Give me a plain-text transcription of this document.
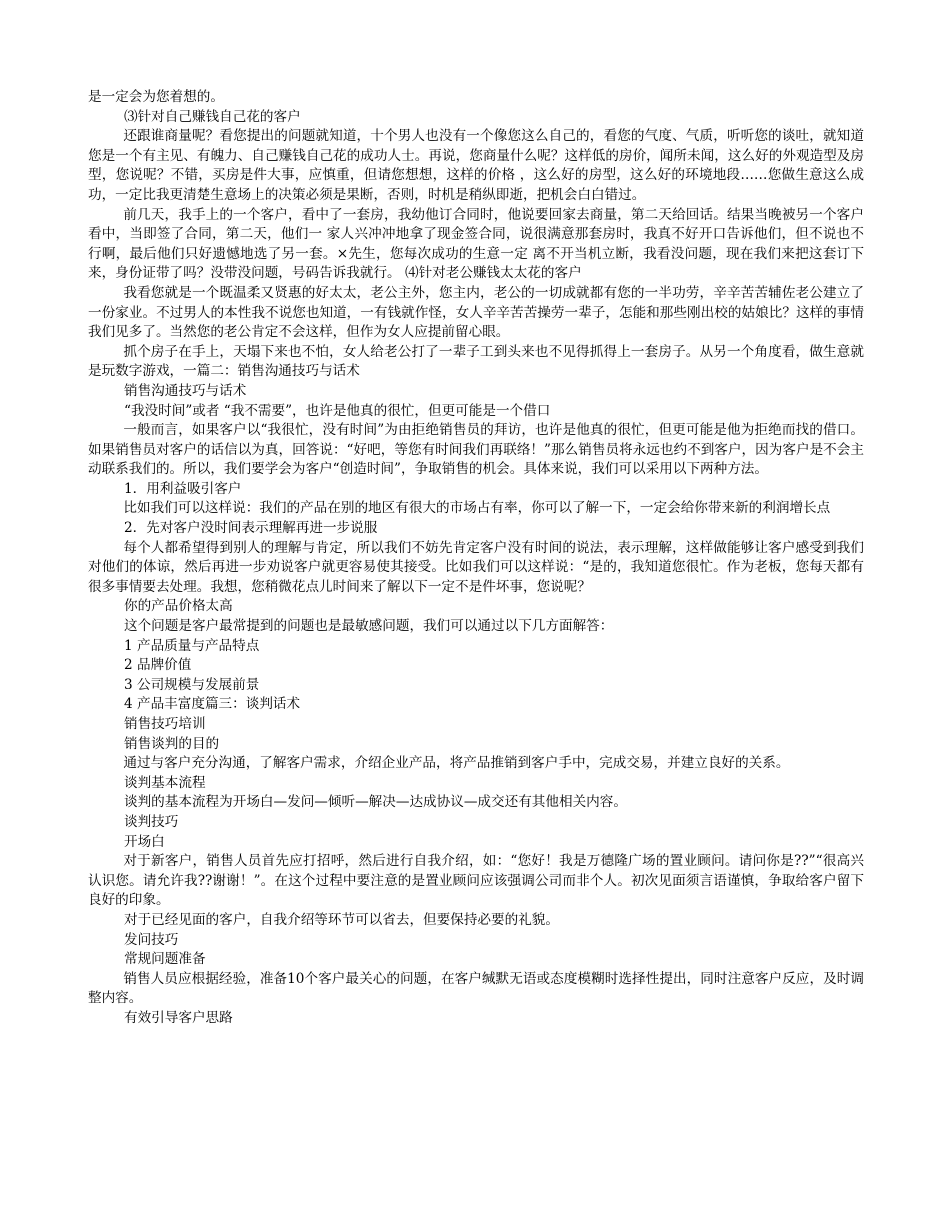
是一定会为您着想的。

⑶针对自己赚钱自己花的客户

还跟谁商量呢？看您提出的问题就知道，十个男人也没有一个像您这么自己的，看您的气度、气质，听听您的谈吐，就知道您是一个有主见、有魄力、自己赚钱自己花的成功人士。再说，您商量什么呢？这样低的房价，闻所未闻，这么好的外观造型及房型，您说呢？不错，买房是件大事，应慎重，但请您想想，这样的价格 ，这么好的房型，这么好的环境地段……您做生意这么成功，一定比我更清楚生意场上的决策必须是果断，否则，时机是稍纵即逝，把机会白白错过。

前几天，我手上的一个客户，看中了一套房，我幼他订合同时，他说要回家去商量，第二天给回话。结果当晚被另一个客户看中，当即签了合同，第二天，他们一 家人兴冲冲地拿了现金签合同，说很满意那套房时，我真不好开口告诉他们，但不说也不行啊，最后他们只好遗憾地选了另一套。×先生，您每次成功的生意一定 离不开当机立断，我看没问题，现在我们来把这套订下来，身份证带了吗？没带没问题，号码告诉我就行。 ⑷针对老公赚钱太太花的客户

我看您就是一个既温柔又贤惠的好太太，老公主外，您主内，老公的一切成就都有您的一半功劳，辛辛苦苦辅佐老公建立了一份家业。不过男人的本性我不说您也知道，一有钱就作怪，女人辛辛苦苦操劳一辈子，怎能和那些刚出校的姑娘比？这样的事情我们见多了。当然您的老公肯定不会这样，但作为女人应提前留心眼。

抓个房子在手上，天塌下来也不怕，女人给老公打了一辈子工到头来也不见得抓得上一套房子。从另一个角度看，做生意就是玩数字游戏，一篇二：销售沟通技巧与话术

销售沟通技巧与话术

“我没时间”或者 “我不需要”，也许是他真的很忙，但更可能是一个借口

一般而言，如果客户以“我很忙，没有时间”为由拒绝销售员的拜访，也许是他真的很忙，但更可能是他为拒绝而找的借口。如果销售员对客户的话信以为真，回答说：“好吧，等您有时间我们再联络！”那么销售员将永远也约不到客户，因为客户是不会主动联系我们的。所以，我们要学会为客户“创造时间”，争取销售的机会。具体来说，我们可以采用以下两种方法。

1．用利益吸引客户

比如我们可以这样说：我们的产品在别的地区有很大的市场占有率，你可以了解一下，一定会给你带来新的利润增长点

2．先对客户没时间表示理解再进一步说服

每个人都希望得到别人的理解与肯定，所以我们不妨先肯定客户没有时间的说法，表示理解，这样做能够让客户感受到我们对他们的体谅，然后再进一步劝说客户就更容易使其接受。比如我们可以这样说：“是的，我知道您很忙。作为老板，您每天都有很多事情要去处理。我想，您稍微花点儿时间来了解以下一定不是件坏事，您说呢？

你的产品价格太高

这个问题是客户最常提到的问题也是最敏感问题，我们可以通过以下几方面解答：

1 产品质量与产品特点

2 品牌价值

3 公司规模与发展前景

4 产品丰富度篇三：谈判话术

销售技巧培训

销售谈判的目的

通过与客户充分沟通，了解客户需求，介绍企业产品，将产品推销到客户手中，完成交易，并建立良好的关系。

谈判基本流程

谈判的基本流程为开场白—发问—倾听—解决—达成协议—成交还有其他相关内容。

谈判技巧

开场白

对于新客户，销售人员首先应打招呼，然后进行自我介绍，如：“您好！我是万德隆广场的置业顾问。请问你是??”“很高兴认识您。请允许我??谢谢！”。在这个过程中要注意的是置业顾问应该强调公司而非个人。初次见面须言语谨慎，争取给客户留下良好的印象。

对于已经见面的客户，自我介绍等环节可以省去，但要保持必要的礼貌。

发问技巧

常规问题准备

销售人员应根据经验，准备10个客户最关心的问题，在客户缄默无语或态度模糊时选择性提出，同时注意客户反应，及时调整内容。

有效引导客户思路
